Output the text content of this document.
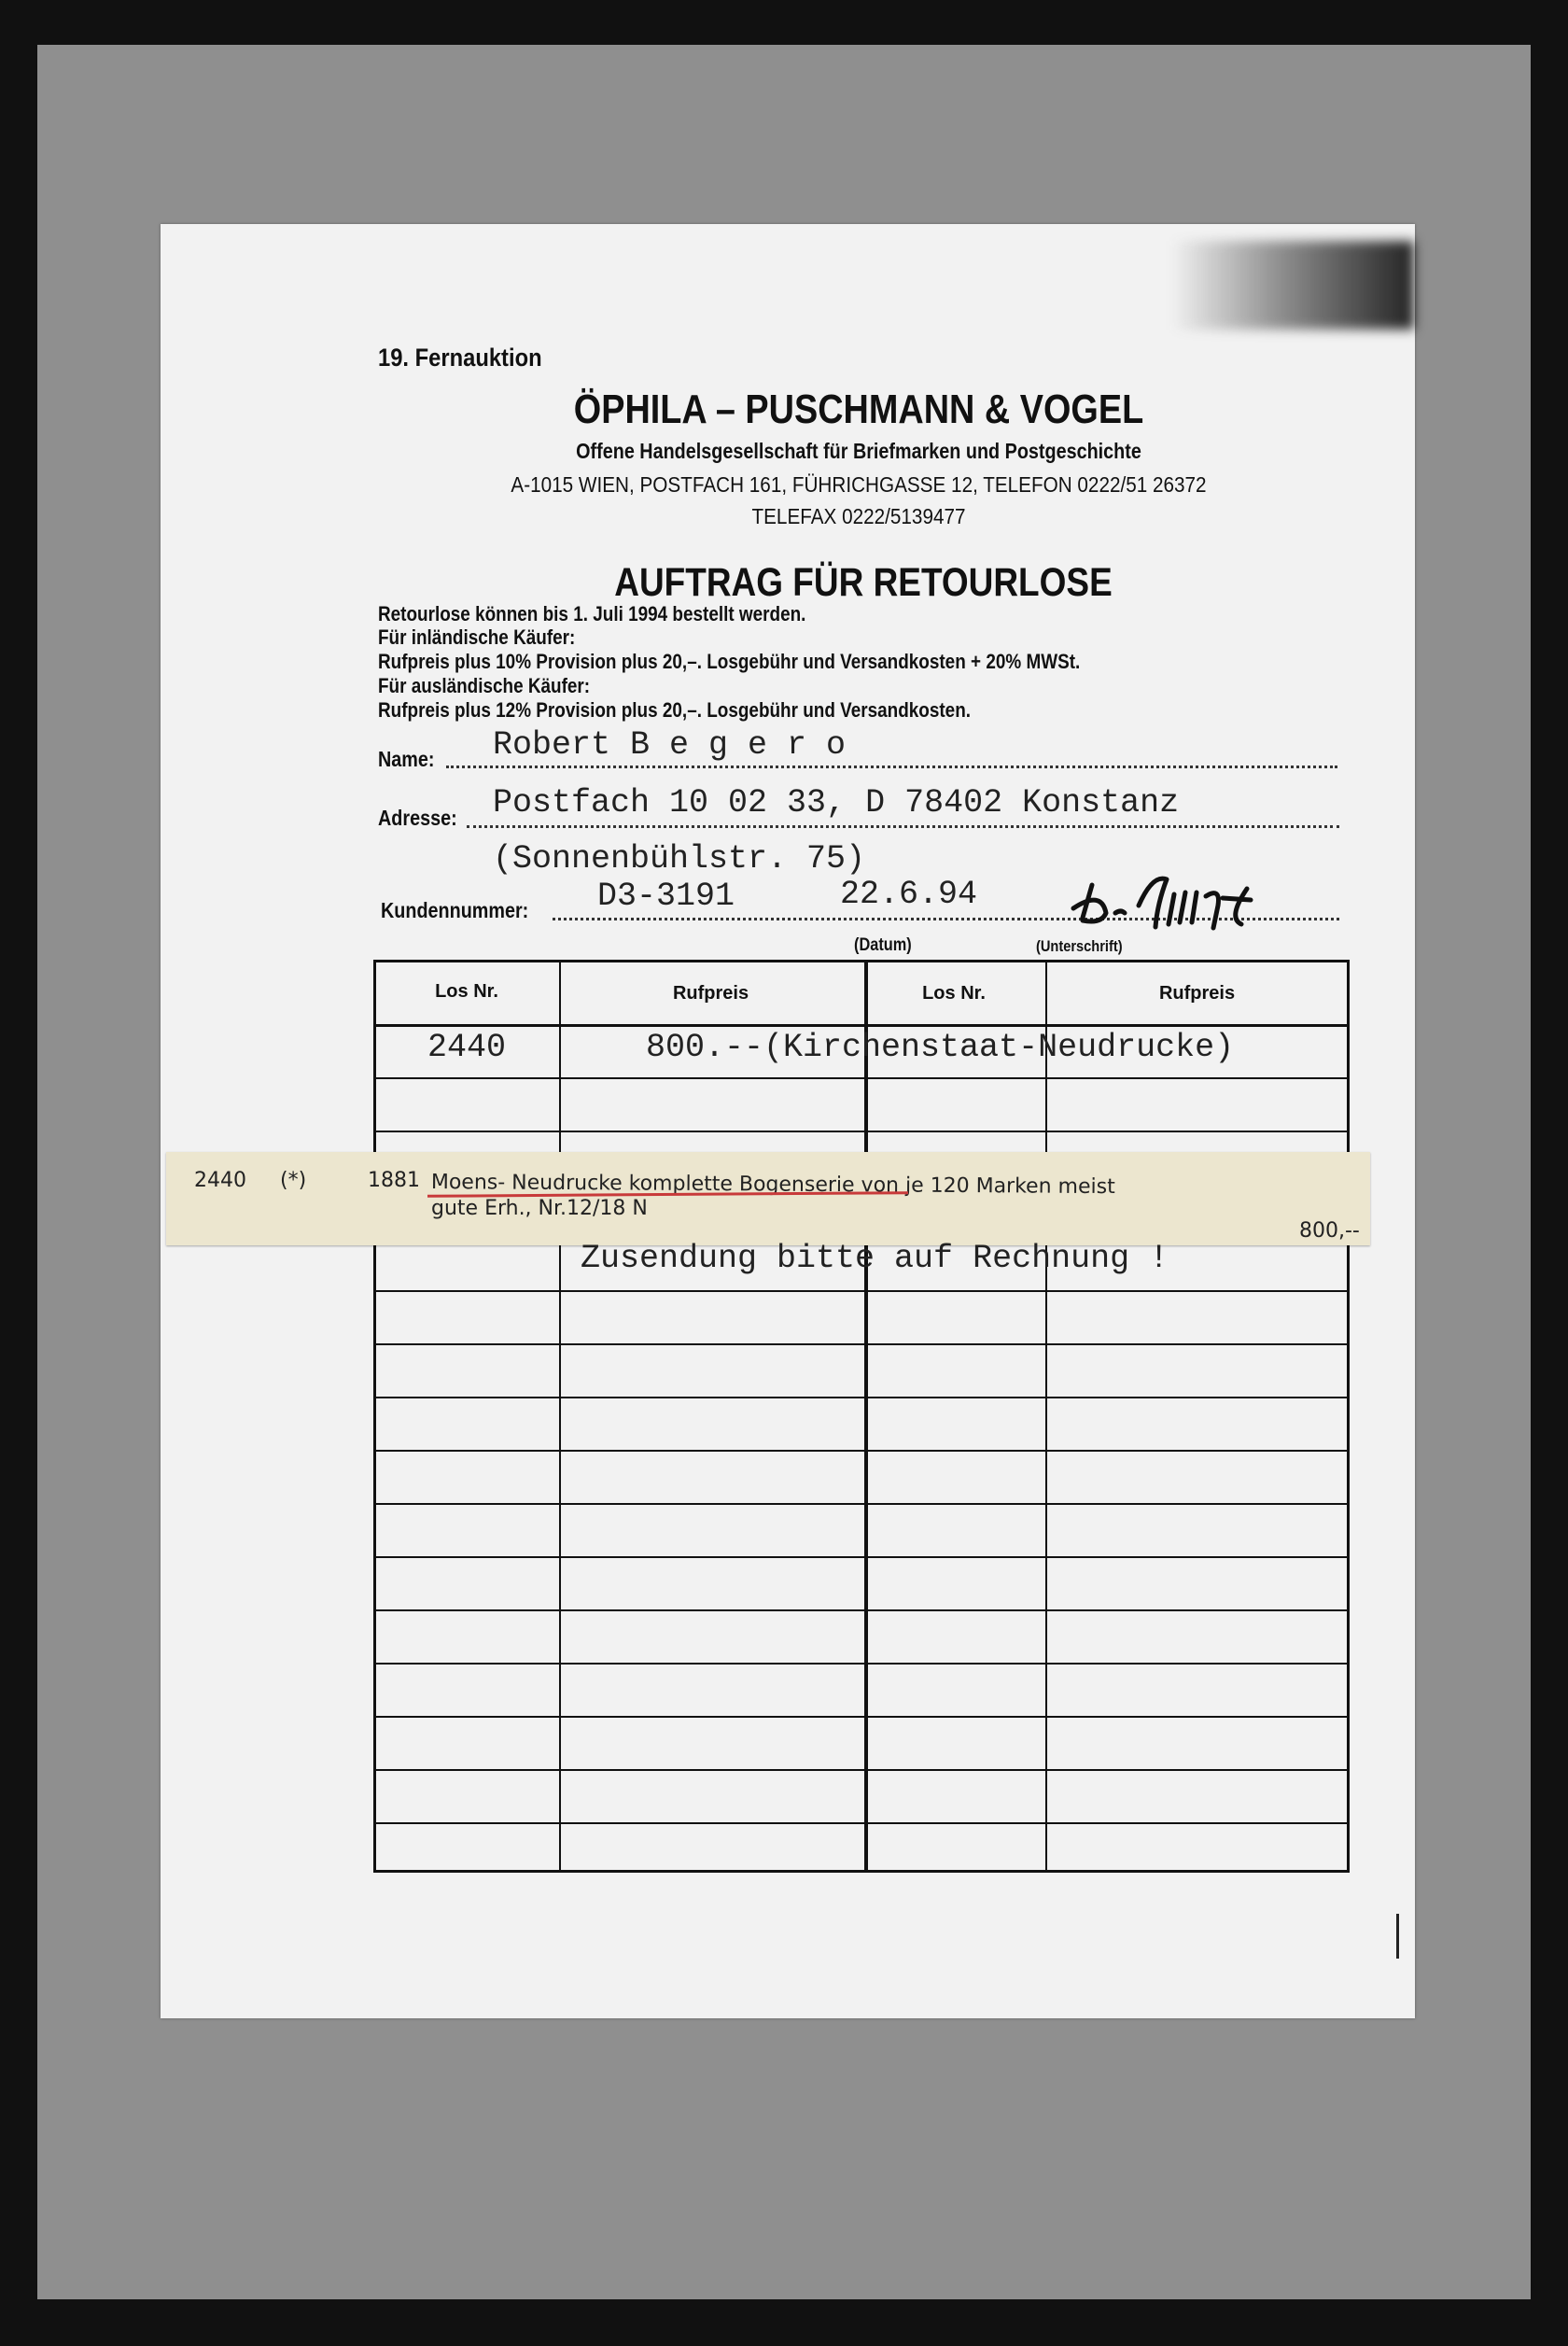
19. Fernauktion
ÖPHILA – PUSCHMANN & VOGEL
Offene Handelsgesellschaft für Briefmarken und Postgeschichte
A-1015 WIEN, POSTFACH 161, FÜHRICHGASSE 12, TELEFON 0222/51 26372
TELEFAX 0222/5139477
AUFTRAG FÜR RETOURLOSE
Retourlose können bis 1. Juli 1994 bestellt werden.
Für inländische Käufer:
Rufpreis plus 10% Provision plus 20,–. Losgebühr und Versandkosten + 20% MWSt.
Für ausländische Käufer:
Rufpreis plus 12% Provision plus 20,–. Losgebühr und Versandkosten.
Name: Robert B e g e r o
Adresse: Postfach 10 02 33, D 78402 Konstanz
(Sonnenbühlstr. 75)
Kundennummer: D3-3191	22.6.94
(Datum)	(Unterschrift)
Los Nr.	Rufpreis	Los Nr.	Rufpreis
2440	800.--(Kirchenstaat-Neudrucke)
2440 (*)	1881 Moens- Neudrucke komplette Bogenserie von je 120 Marken meist
gute Erh., Nr.12/18 N
800,--
Zusendung bitte auf Rechnung !
